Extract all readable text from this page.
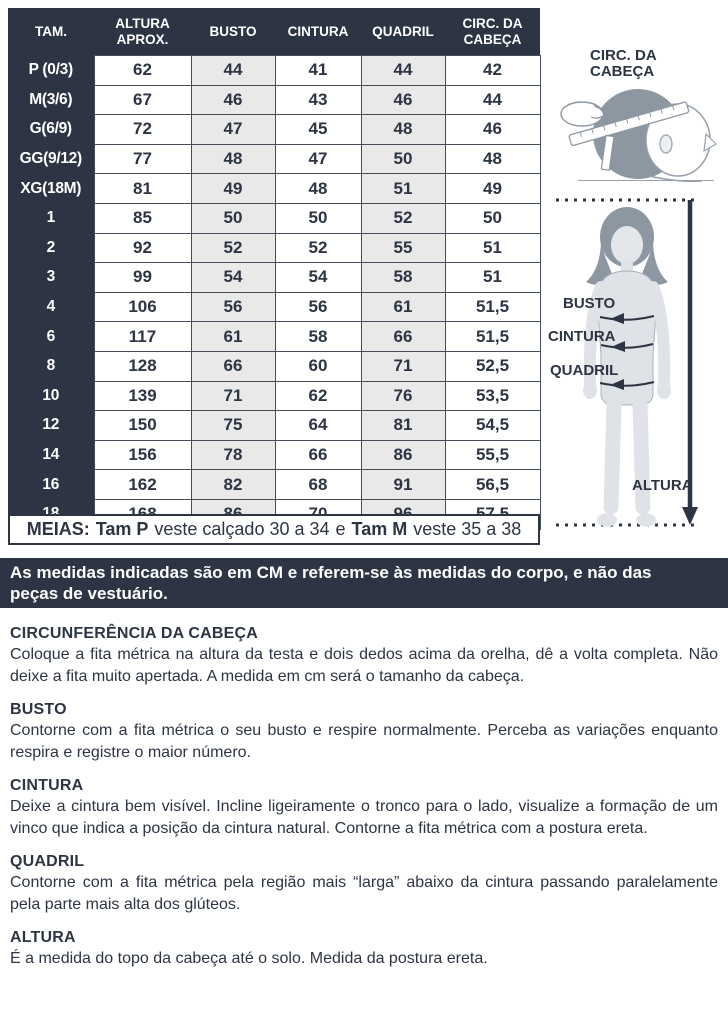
TAM.	ALTURA APROX.	BUSTO	CINTURA	QUADRIL	CIRC. DA CABEÇA
P (0/3)	62	44	41	44	42
M(3/6)	67	46	43	46	44
G(6/9)	72	47	45	48	46
GG(9/12)	77	48	47	50	48
XG(18M)	81	49	48	51	49
1	85	50	50	52	50
2	92	52	52	55	51
3	99	54	54	58	51
4	106	56	56	61	51,5
6	117	61	58	66	51,5
8	128	66	60	71	52,5
10	139	71	62	76	53,5
12	150	75	64	81	54,5
14	156	78	66	86	55,5
16	162	82	68	91	56,5

MEIAS: Tam P veste calçado 30 a 34 e Tam M veste 35 a 38
CIRC. DA CABEÇA
BUSTO
CINTURA
QUADRIL
ALTURA
As medidas indicadas são em CM e referem-se às medidas do corpo, e não das peças de vestuário.
CIRCUNFERÊNCIA DA CABEÇA

Coloque a fita métrica na altura da testa e dois dedos acima da orelha, dê a volta completa. Não deixe a fita muito apertada. A medida em cm será o tamanho da cabeça.

BUSTO

Contorne com a fita métrica o seu busto e respire normalmente. Perceba as variações enquanto respira e registre o maior número.

CINTURA

Deixe a cintura bem visível. Incline ligeiramente o tronco para o lado, visualize a formação de um vinco que indica a posição da cintura natural. Contorne a fita métrica com a postura ereta.

QUADRIL

Contorne com a fita métrica pela região mais “larga” abaixo da cintura passando paralelamente pela parte mais alta dos glúteos.

ALTURA

É a medida do topo da cabeça até o solo. Medida da postura ereta.
